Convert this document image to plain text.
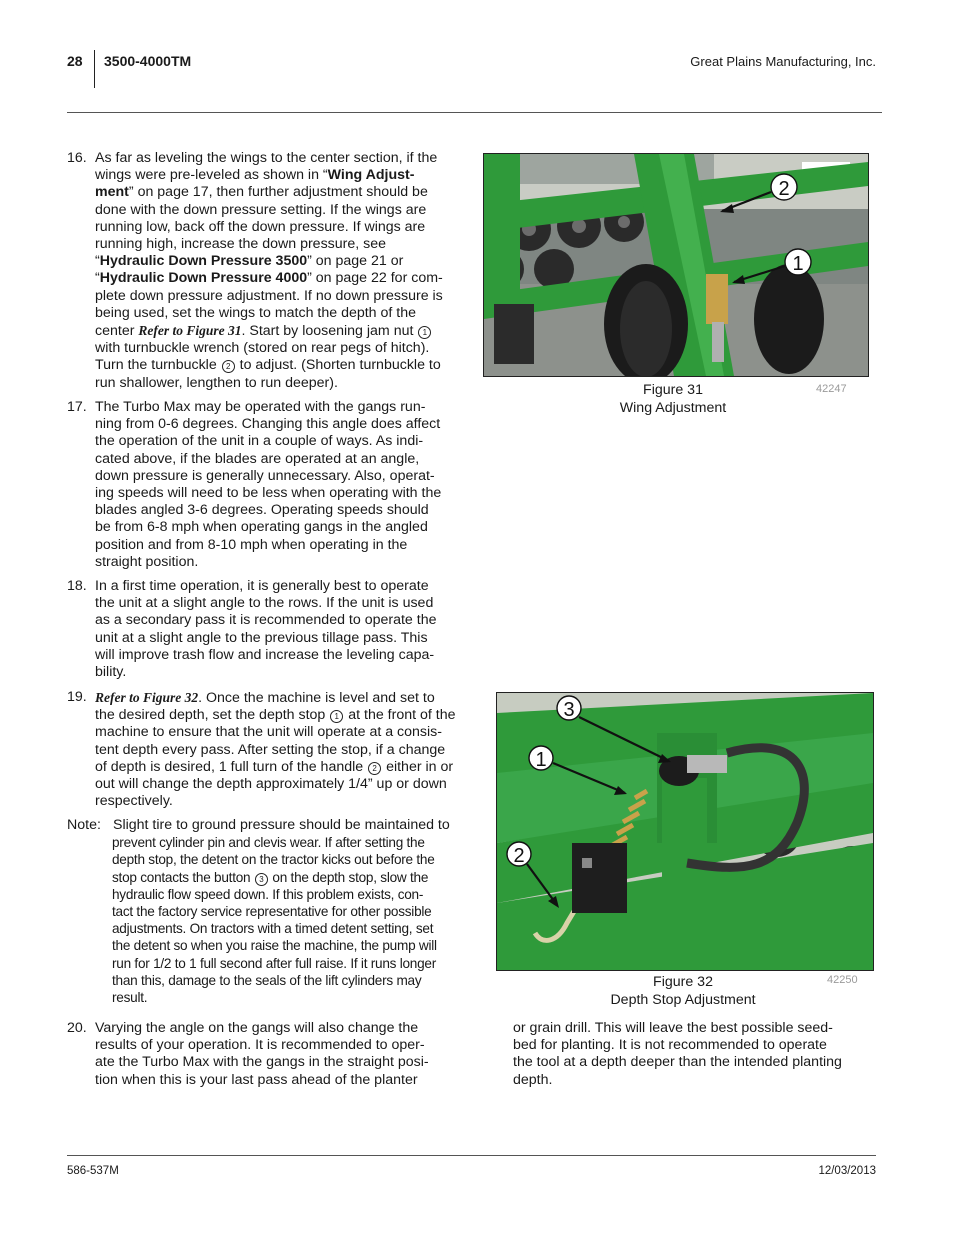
28 3500-4000TM	Great Plains Manufacturing, Inc.
16. As far as leveling the wings to the center section, if the
wings were pre-leveled as shown in “Wing Adjust-
ment” on page 17, then further adjustment should be
done with the down pressure setting. If the wings are
running low, back off the down pressure. If wings are
running high, increase the down pressure, see
“Hydraulic Down Pressure 3500” on page 21 or
“Hydraulic Down Pressure 4000” on page 22 for com-
plete down pressure adjustment. If no down pressure is
being used, set the wings to match the depth of the
center Refer to Figure 31. Start by loosening jam nut 1
with turnbuckle wrench (stored on rear pegs of hitch).
Turn the turnbuckle 2 to adjust. (Shorten turnbuckle to
run shallower, lengthen to run deeper).
17. The Turbo Max may be operated with the gangs run-
ning from 0-6 degrees. Changing this angle does affect
the operation of the unit in a couple of ways. As indi-
cated above, if the blades are operated at an angle,
down pressure is generally unnecessary. Also, operat-
ing speeds will need to be less when operating with the
blades angled 3-6 degrees. Operating speeds should
be from 6-8 mph when operating gangs in the angled
position and from 8-10 mph when operating in the
straight position.
18. In a first time operation, it is generally best to operate
the unit at a slight angle to the rows. If the unit is used
as a secondary pass it is recommended to operate the
unit at a slight angle to the previous tillage pass. This
will improve trash flow and increase the leveling capa-
bility.
19. Refer to Figure 32. Once the machine is level and set to
the desired depth, set the depth stop 1 at the front of the
machine to ensure that the unit will operate at a consis-
tent depth every pass. After setting the stop, if a change
of depth is desired, 1 full turn of the handle 2 either in or
out will change the depth approximately 1/4” up or down
respectively.
Note: Slight tire to ground pressure should be maintained to
prevent cylinder pin and clevis wear. If after setting the
depth stop, the detent on the tractor kicks out before the
stop contacts the button 3 on the depth stop, slow the
hydraulic flow speed down. If this problem exists, con-
tact the factory service representative for other possible
adjustments. On tractors with a timed detent setting, set
the detent so when you raise the machine, the pump will
run for 1/2 to 1 full second after full raise. If it runs longer
than this, damage to the seals of the lift cylinders may
result.
20. Varying the angle on the gangs will also change the
results of your operation. It is recommended to oper-
ate the Turbo Max with the gangs in the straight posi-
tion when this is your last pass ahead of the planter
or grain drill. This will leave the best possible seed-
bed for planting. It is not recommended to operate
the tool at a depth deeper than the intended planting
depth.
2
1
Figure 31
Wing Adjustment
42247
3
1
2
Figure 32
Depth Stop Adjustment
42250
586-537M	12/03/2013
